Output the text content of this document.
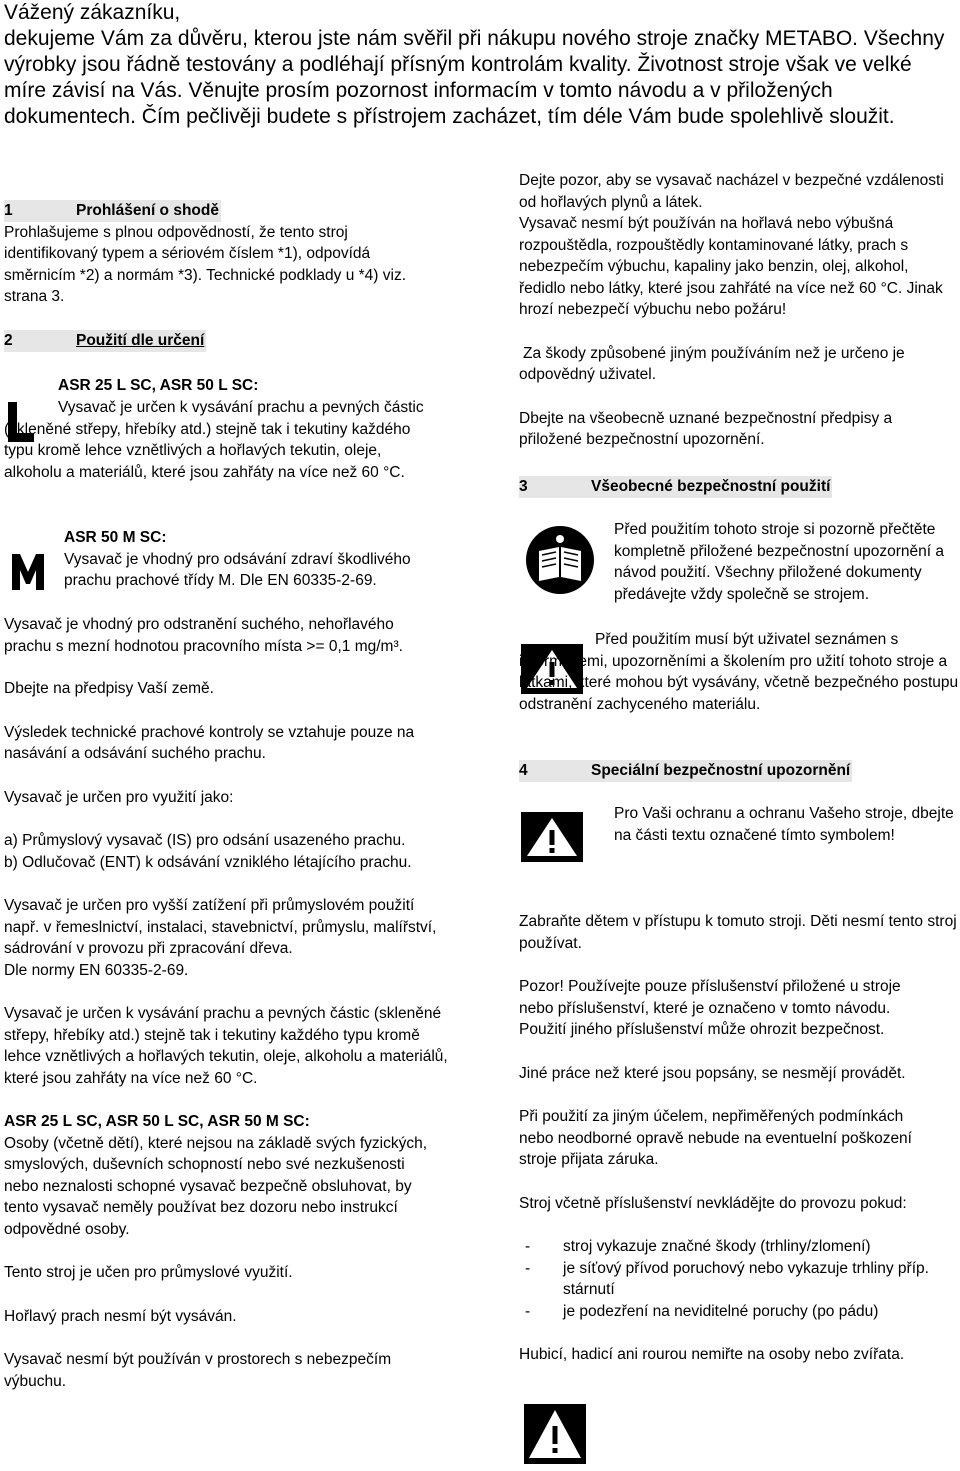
Vážený zákazníku,

dekujeme Vám za důvěru, kterou jste nám svěřil při nákupu nového stroje značky METABO. Všechny výrobky jsou řádně testovány a podléhají přísným kontrolám kvality. Životnost stroje však ve velké míre závisí na Vás. Věnujte prosím pozornost informacím v tomto návodu a v přiložených dokumentech. Čím pečlivěji budete s přístrojem zacházet, tím déle Vám bude spolehlivě sloužit.

1	Prohlášení o shodě

Prohlašujeme s plnou odpovědností, že tento stroj identifikovaný typem a sériovém číslem *1), odpovídá směrnicím *2) a normám *3). Technické podklady u *4) viz. strana 3.

2	Použití dle určení

ASR 25 L SC, ASR 50 L SC:

Vysavač je určen k vysávání prachu a pevných částic (skleněné střepy, hřebíky atd.) stejně tak i tekutiny každého typu kromě lehce vznětlivých a hořlavých tekutin, oleje, alkoholu a materiálů, které jsou zahřáty na více než 60 °C.

ASR 50 M SC:

Vysavač je vhodný pro odsávání zdraví škodlivého prachu prachové třídy M. Dle EN 60335-2-69.

Vysavač je vhodný pro odstranění suchého, nehořlavého prachu s mezní hodnotou pracovního místa >= 0,1 mg/m³.

Dbejte na předpisy Vaší země.

Výsledek technické prachové kontroly se vztahuje pouze na nasávání a odsávání suchého prachu.

Vysavač je určen pro využití jako:

a) Průmyslový vysavač (IS) pro odsání usazeného prachu.

b) Odlučovač (ENT) k odsávání vzniklého létajícího prachu.

Vysavač je určen pro vyšší zatížení při průmyslovém použití např. v řemeslnictví, instalaci, stavebnictví, průmyslu, malířství, sádrování v provozu při zpracování dřeva.

Dle normy EN 60335-2-69.

Vysavač je určen k vysávání prachu a pevných částic (skleněné střepy, hřebíky atd.) stejně tak i tekutiny každého typu kromě lehce vznětlivých a hořlavých tekutin, oleje, alkoholu a materiálů, které jsou zahřáty na více než 60 °C.

ASR 25 L SC, ASR 50 L SC, ASR 50 M SC:

Osoby (včetně dětí), které nejsou na základě svých fyzických, smyslových, duševních schopností nebo své nezkušenosti nebo neznalosti schopné vysavač bezpečně obsluhovat, by tento vysavač neměly používat bez dozoru nebo instrukcí odpovědné osoby.

Tento stroj je učen pro průmyslové využití.

Hořlavý prach nesmí být vysáván.

Vysavač nesmí být používán v prostorech s nebezpečím výbuchu.

Dejte pozor, aby se vysavač nacházel v bezpečné vzdálenosti od hořlavých plynů a látek.

Vysavač nesmí být používán na hořlavá nebo výbušná rozpouštědla, rozpouštědly kontaminované látky, prach s nebezpečím výbuchu, kapaliny jako benzin, olej, alkohol, ředidlo nebo látky, které jsou zahřáté na více než 60 °C. Jinak hrozí nebezpečí výbuchu nebo požáru!

Za škody způsobené jiným používáním než je určeno je odpovědný uživatel.

Dbejte na všeobecně uznané bezpečnostní předpisy a přiložené bezpečnostní upozornění.

3	Všeobecné bezpečnostní použití

Před použitím tohoto stroje si pozorně přečtěte kompletně přiložené bezpečnostní upozornění a návod použití. Všechny přiložené dokumenty předávejte vždy společně se strojem.

Před použitím musí být uživatel seznámen s informacemi, upozorněními a školením pro užití tohoto stroje a látkami, které mohou být vysávány, včetně bezpečného postupu odstranění zachyceného materiálu.

4	Speciální bezpečnostní upozornění

Pro Vaši ochranu a ochranu Vašeho stroje, dbejte na části textu označené tímto symbolem!

Zabraňte dětem v přístupu k tomuto stroji. Děti nesmí tento stroj používat.

Pozor! Používejte pouze příslušenství přiložené u stroje nebo příslušenství, které je označeno v tomto návodu. Použití jiného příslušenství může ohrozit bezpečnost.

Jiné práce než které jsou popsány, se nesmějí provádět.

Při použití za jiným účelem, nepřiměřených podmínkách nebo neodborné opravě nebude na eventuelní poškození stroje přijata záruka.

Stroj včetně příslušenství nevkládějte do provozu pokud:

- stroj vykazuje značné škody (trhliny/zlomení)
- je síťový přívod poruchový nebo vykazuje trhliny příp. stárnutí
- je podezření na neviditelné poruchy (po pádu)

Hubicí, hadicí ani rourou nemiřte na osoby nebo zvířata.
